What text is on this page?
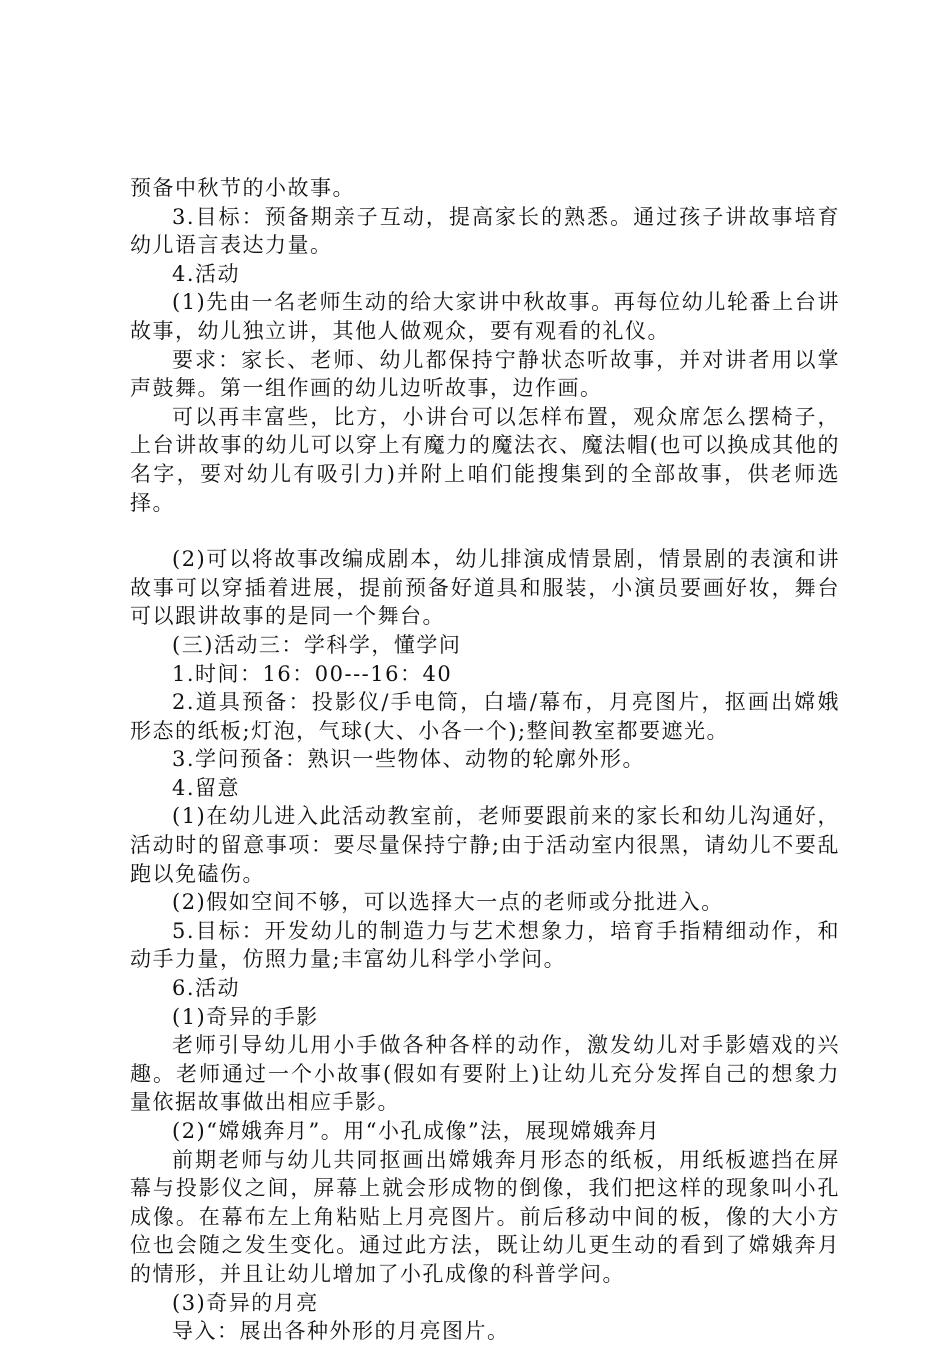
预备中秋节的小故事。

3.目标：预备期亲子互动，提高家长的熟悉。通过孩子讲故事培育幼儿语言表达力量。

4.活动

(1)先由一名老师生动的给大家讲中秋故事。再每位幼儿轮番上台讲故事，幼儿独立讲，其他人做观众，要有观看的礼仪。

要求：家长、老师、幼儿都保持宁静状态听故事，并对讲者用以掌声鼓舞。第一组作画的幼儿边听故事，边作画。

可以再丰富些，比方，小讲台可以怎样布置，观众席怎么摆椅子，上台讲故事的幼儿可以穿上有魔力的魔法衣、魔法帽(也可以换成其他的名字，要对幼儿有吸引力)并附上咱们能搜集到的全部故事，供老师选择。

(2)可以将故事改编成剧本，幼儿排演成情景剧，情景剧的表演和讲故事可以穿插着进展，提前预备好道具和服装，小演员要画好妆，舞台可以跟讲故事的是同一个舞台。

(三)活动三：学科学，懂学问

1.时间：16：00---16：40

2.道具预备：投影仪/手电筒，白墙/幕布，月亮图片，抠画出嫦娥形态的纸板;灯泡，气球(大、小各一个);整间教室都要遮光。

3.学问预备：熟识一些物体、动物的轮廓外形。

4.留意

(1)在幼儿进入此活动教室前，老师要跟前来的家长和幼儿沟通好，活动时的留意事项：要尽量保持宁静;由于活动室内很黑，请幼儿不要乱跑以免磕伤。

(2)假如空间不够，可以选择大一点的老师或分批进入。

5.目标：开发幼儿的制造力与艺术想象力，培育手指精细动作，和动手力量，仿照力量;丰富幼儿科学小学问。

6.活动

(1)奇异的手影

老师引导幼儿用小手做各种各样的动作，激发幼儿对手影嬉戏的兴趣。老师通过一个小故事(假如有要附上)让幼儿充分发挥自己的想象力量依据故事做出相应手影。

(2)“嫦娥奔月”。用“小孔成像”法，展现嫦娥奔月

前期老师与幼儿共同抠画出嫦娥奔月形态的纸板，用纸板遮挡在屏幕与投影仪之间，屏幕上就会形成物的倒像，我们把这样的现象叫小孔成像。在幕布左上角粘贴上月亮图片。前后移动中间的板，像的大小方位也会随之发生变化。通过此方法，既让幼儿更生动的看到了嫦娥奔月的情形，并且让幼儿增加了小孔成像的科普学问。

(3)奇异的月亮

导入：展出各种外形的月亮图片。
